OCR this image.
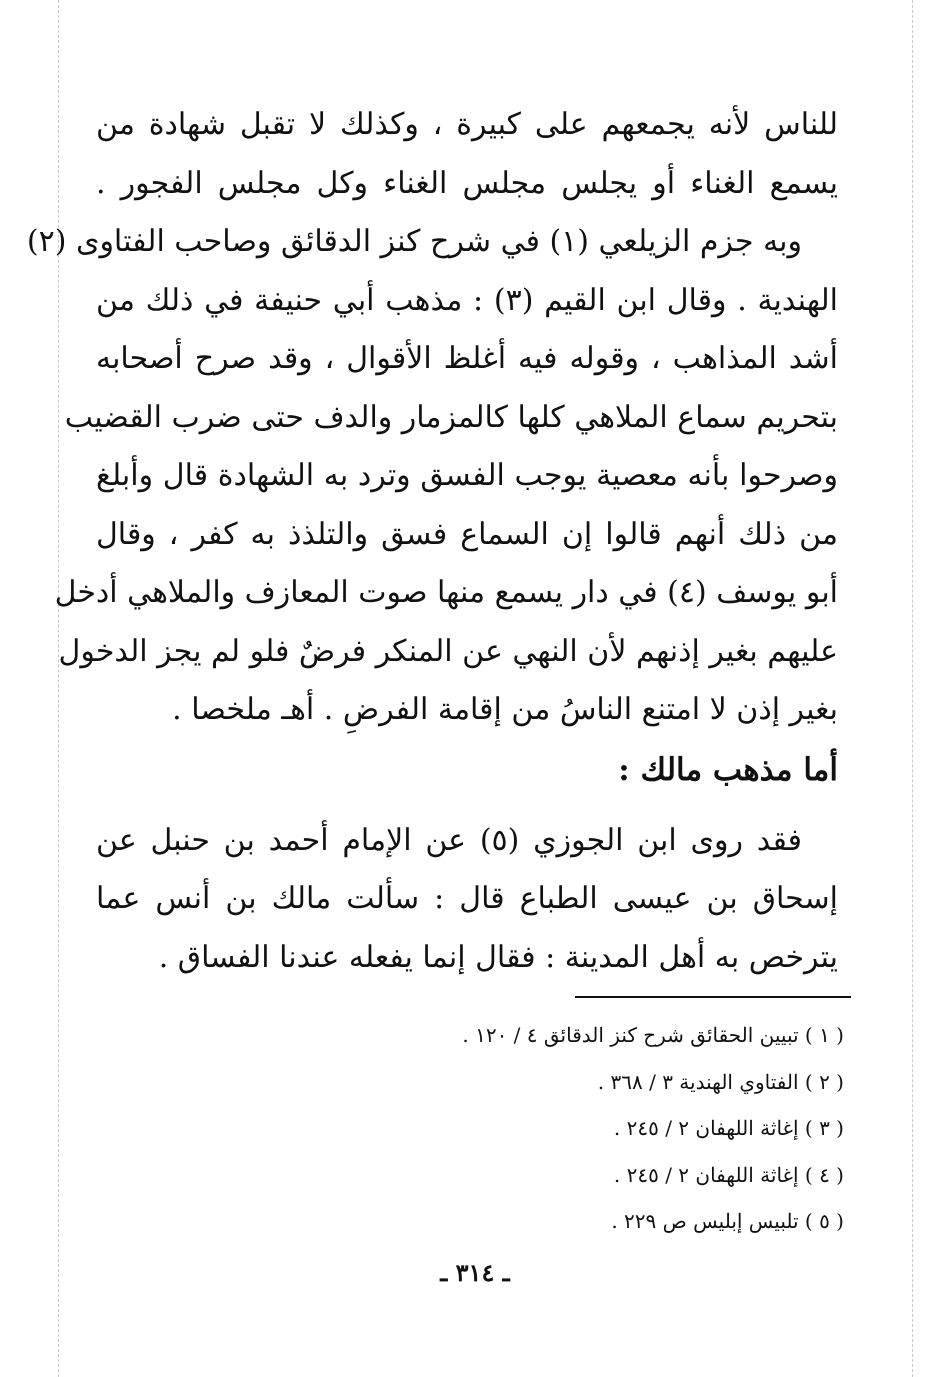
للناس لأنه يجمعهم على كبيرة ، وكذلك لا تقبل شهادة من
يسمع الغناء أو يجلس مجلس الغناء وكل مجلس الفجور .
وبه جزم الزيلعي (١) في شرح كنز الدقائق وصاحب الفتاوى (٢)
الهندية . وقال ابن القيم (٣) : مذهب أبي حنيفة في ذلك من
أشد المذاهب ، وقوله فيه أغلظ الأقوال ، وقد صرح أصحابه
بتحريم سماع الملاهي كلها كالمزمار والدف حتى ضرب القضيب
وصرحوا بأنه معصية يوجب الفسق وترد به الشهادة قال وأبلغ
من ذلك أنهم قالوا إن السماع فسق والتلذذ به كفر ، وقال
أبو يوسف (٤) في دار يسمع منها صوت المعازف والملاهي أدخل
عليهم بغير إذنهم لأن النهي عن المنكر فرضٌ فلو لم يجز الدخول
بغير إذن لا امتنع الناسُ من إقامة الفرضِ . أهـ ملخصا .
أما مذهب مالك :
فقد روى ابن الجوزي (٥) عن الإمام أحمد بن حنبل عن
إسحاق بن عيسى الطباع قال : سألت مالك بن أنس عما
يترخص به أهل المدينة : فقال إنما يفعله عندنا الفساق .
( ١ ) تبيين الحقائق شرح كنز الدقائق ٤ / ١٢٠ .
( ٢ ) الفتاوي الهندية ٣ / ٣٦٨ .
( ٣ ) إغاثة اللهفان ٢ / ٢٤٥ .
( ٤ ) إغاثة اللهفان ٢ / ٢٤٥ .
( ٥ ) تلبيس إبليس ص ٢٢٩ .
ـ ٣١٤ ـ
